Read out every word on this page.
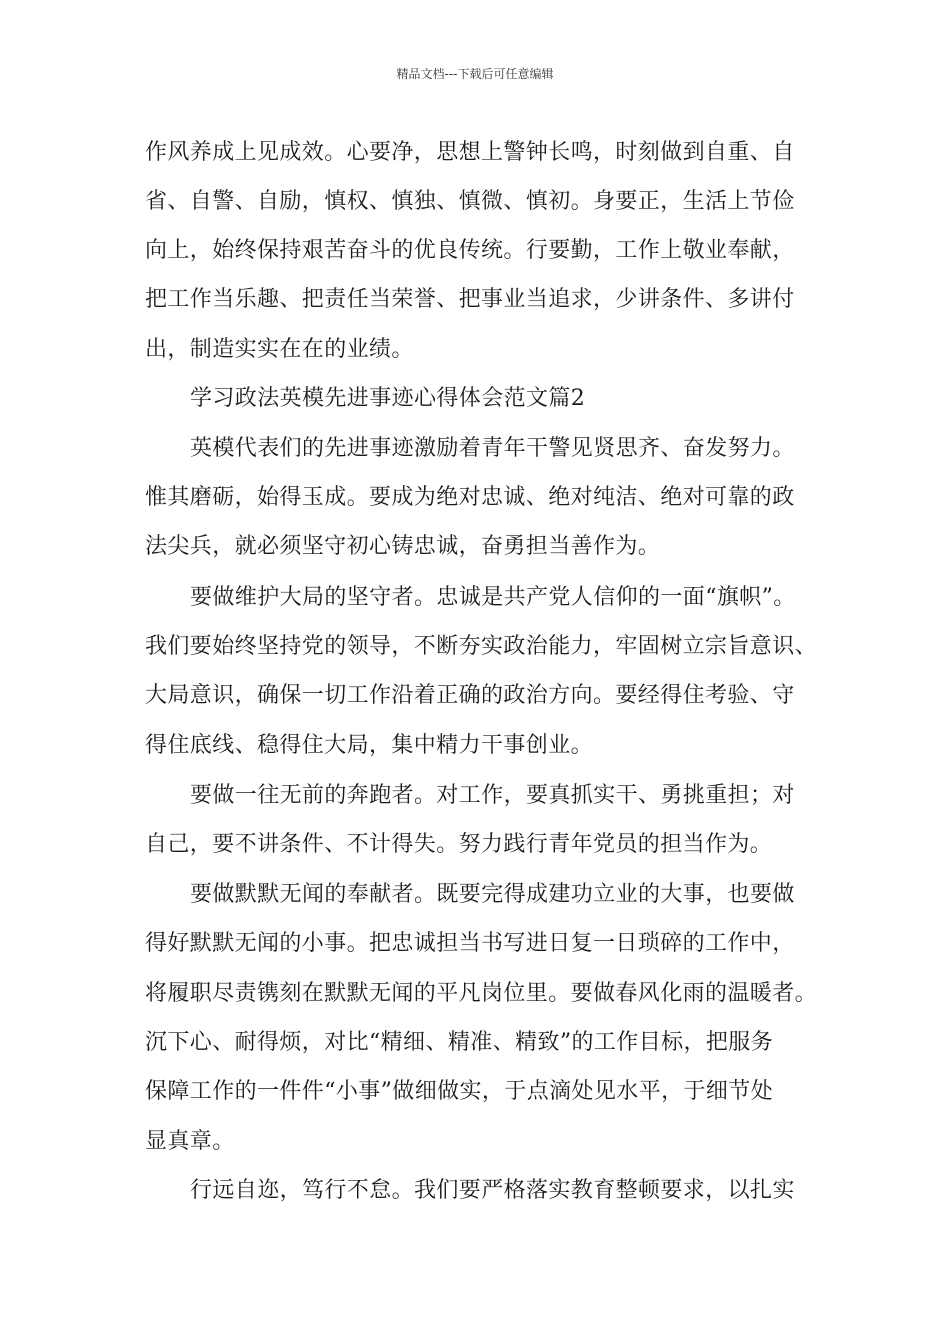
精品文档---下载后可任意编辑
作风养成上见成效。心要净，思想上警钟长鸣，时刻做到自重、自
省、自警、自励，慎权、慎独、慎微、慎初。身要正，生活上节俭
向上，始终保持艰苦奋斗的优良传统。行要勤，工作上敬业奉献，
把工作当乐趣、把责任当荣誉、把事业当追求，少讲条件、多讲付
出，制造实实在在的业绩。
学习政法英模先进事迹心得体会范文篇2
英模代表们的先进事迹激励着青年干警见贤思齐、奋发努力。
惟其磨砺，始得玉成。要成为绝对忠诚、绝对纯洁、绝对可靠的政
法尖兵，就必须坚守初心铸忠诚，奋勇担当善作为。
要做维护大局的坚守者。忠诚是共产党人信仰的一面“旗帜”。
我们要始终坚持党的领导，不断夯实政治能力，牢固树立宗旨意识、
大局意识，确保一切工作沿着正确的政治方向。要经得住考验、守
得住底线、稳得住大局，集中精力干事创业。
要做一往无前的奔跑者。对工作，要真抓实干、勇挑重担；对
自己，要不讲条件、不计得失。努力践行青年党员的担当作为。
要做默默无闻的奉献者。既要完得成建功立业的大事，也要做
得好默默无闻的小事。把忠诚担当书写进日复一日琐碎的工作中，
将履职尽责镌刻在默默无闻的平凡岗位里。要做春风化雨的温暖者。
沉下心、耐得烦，对比“精细、精准、精致”的工作目标，把服务
保障工作的一件件“小事”做细做实，于点滴处见水平，于细节处
显真章。
行远自迩，笃行不怠。我们要严格落实教育整顿要求，以扎实
